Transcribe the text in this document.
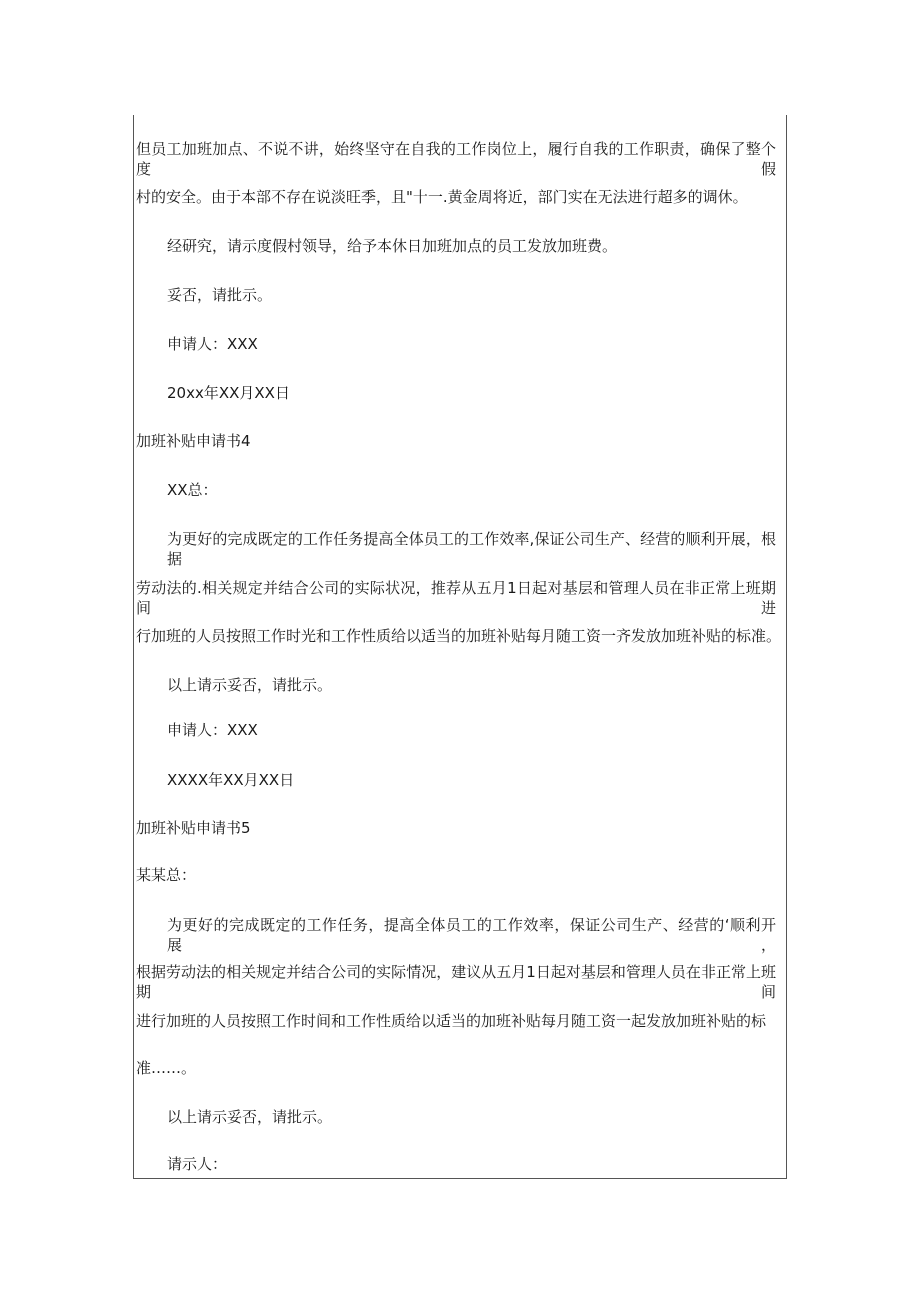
但员工加班加点、不说不讲，始终坚守在自我的工作岗位上，履行自我的工作职责，确保了整个度假

村的安全。由于本部不存在说淡旺季，且"十一.黄金周将近，部门实在无法进行超多的调休。

经研究，请示度假村领导，给予本休日加班加点的员工发放加班费。

妥否，请批示。

申请人：XXX

20xx年XX月XX日

加班补贴申请书4

XX总：

为更好的完成既定的工作任务提高全体员工的工作效率,保证公司生产、经营的顺利开展，根据

劳动法的.相关规定并结合公司的实际状况，推荐从五月1日起对基层和管理人员在非正常上班期间进

行加班的人员按照工作时光和工作性质给以适当的加班补贴每月随工资一齐发放加班补贴的标准。

以上请示妥否，请批示。

申请人：XXX

XXXX年XX月XX日

加班补贴申请书5

某某总：

为更好的完成既定的工作任务，提高全体员工的工作效率，保证公司生产、经营的‘顺利开展，

根据劳动法的相关规定并结合公司的实际情况，建议从五月1日起对基层和管理人员在非正常上班期间

进行加班的人员按照工作时间和工作性质给以适当的加班补贴每月随工资一起发放加班补贴的标

准……。

以上请示妥否，请批示。

请示人：
